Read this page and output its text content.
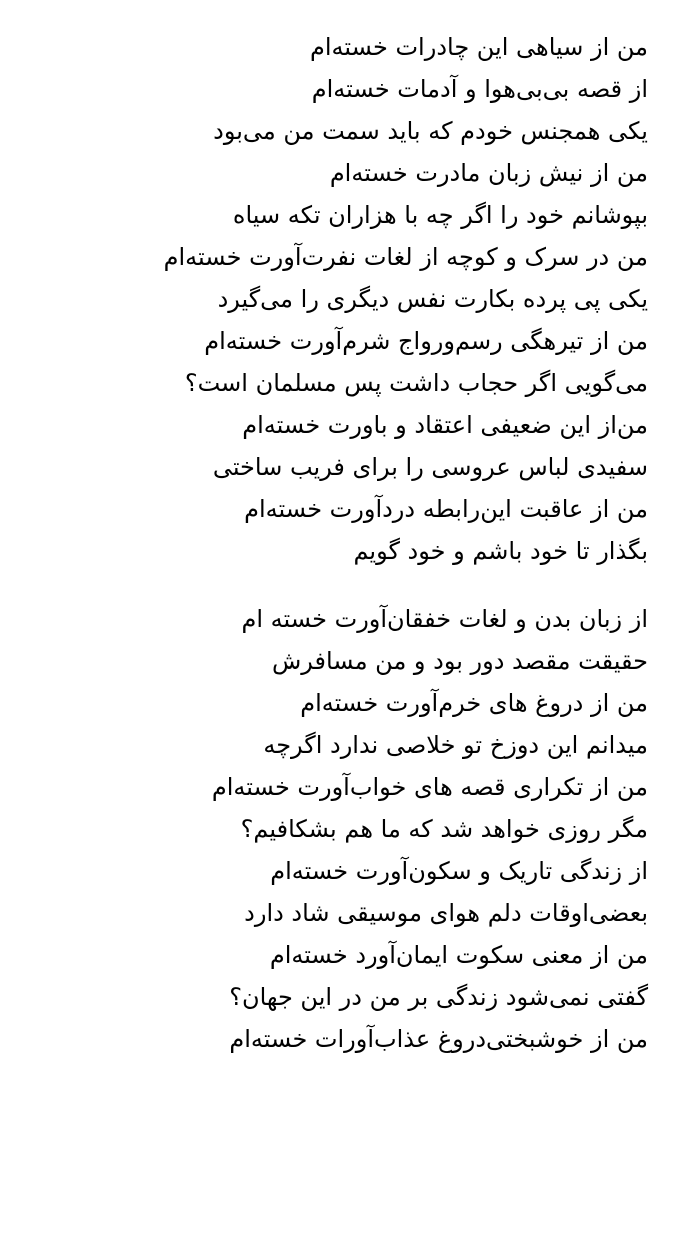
من از سیاهی این چادرات خسته‌ام
از قصه بی‌بی‌هوا و آدمات خسته‌ام
یکی همجنس خودم که باید سمت من می‌بود
من از نیش زبان مادرت خسته‌ام
بپوشانم خود را اگر چه با هزاران تکه سیاه
من در سرک و کوچه از لغات نفرت‌آورت خسته‌ام
یکی پی پرده بکارت نفس دیگری را می‌گیرد
من از تیرهگی رسم‌ورواج شرم‌آورت خسته‌ام
می‌گویی اگر حجاب داشت پس مسلمان است؟
من‌از این ضعیفی اعتقاد و باورت خسته‌ام
سفیدی لباس عروسی را برای فریب ساختی
من از عاقبت این‌رابطه دردآورت خسته‌ام
بگذار تا خود باشم و خود گویم
از زبان بدن و لغات خفقان‌آورت خسته ام
حقیقت مقصد دور بود و من مسافرش
من از دروغ های خرم‌آورت خسته‌ام
میدانم این دوزخ تو خلاصی ندارد اگرچه
من از تکراری قصه های خواب‌آورت خسته‌ام
مگر روزی خواهد شد که ما هم بشکافیم؟
از زندگی تاریک و سکون‌آورت خسته‌ام
بعضی‌اوقات دلم هوای موسیقی شاد دارد
من از معنی سکوت ایمان‌آورد خسته‌ام
گفتی نمی‌شود زندگی بر من در این جهان؟
من از خوشبختی‌دروغ عذاب‌آورات خسته‌ام
